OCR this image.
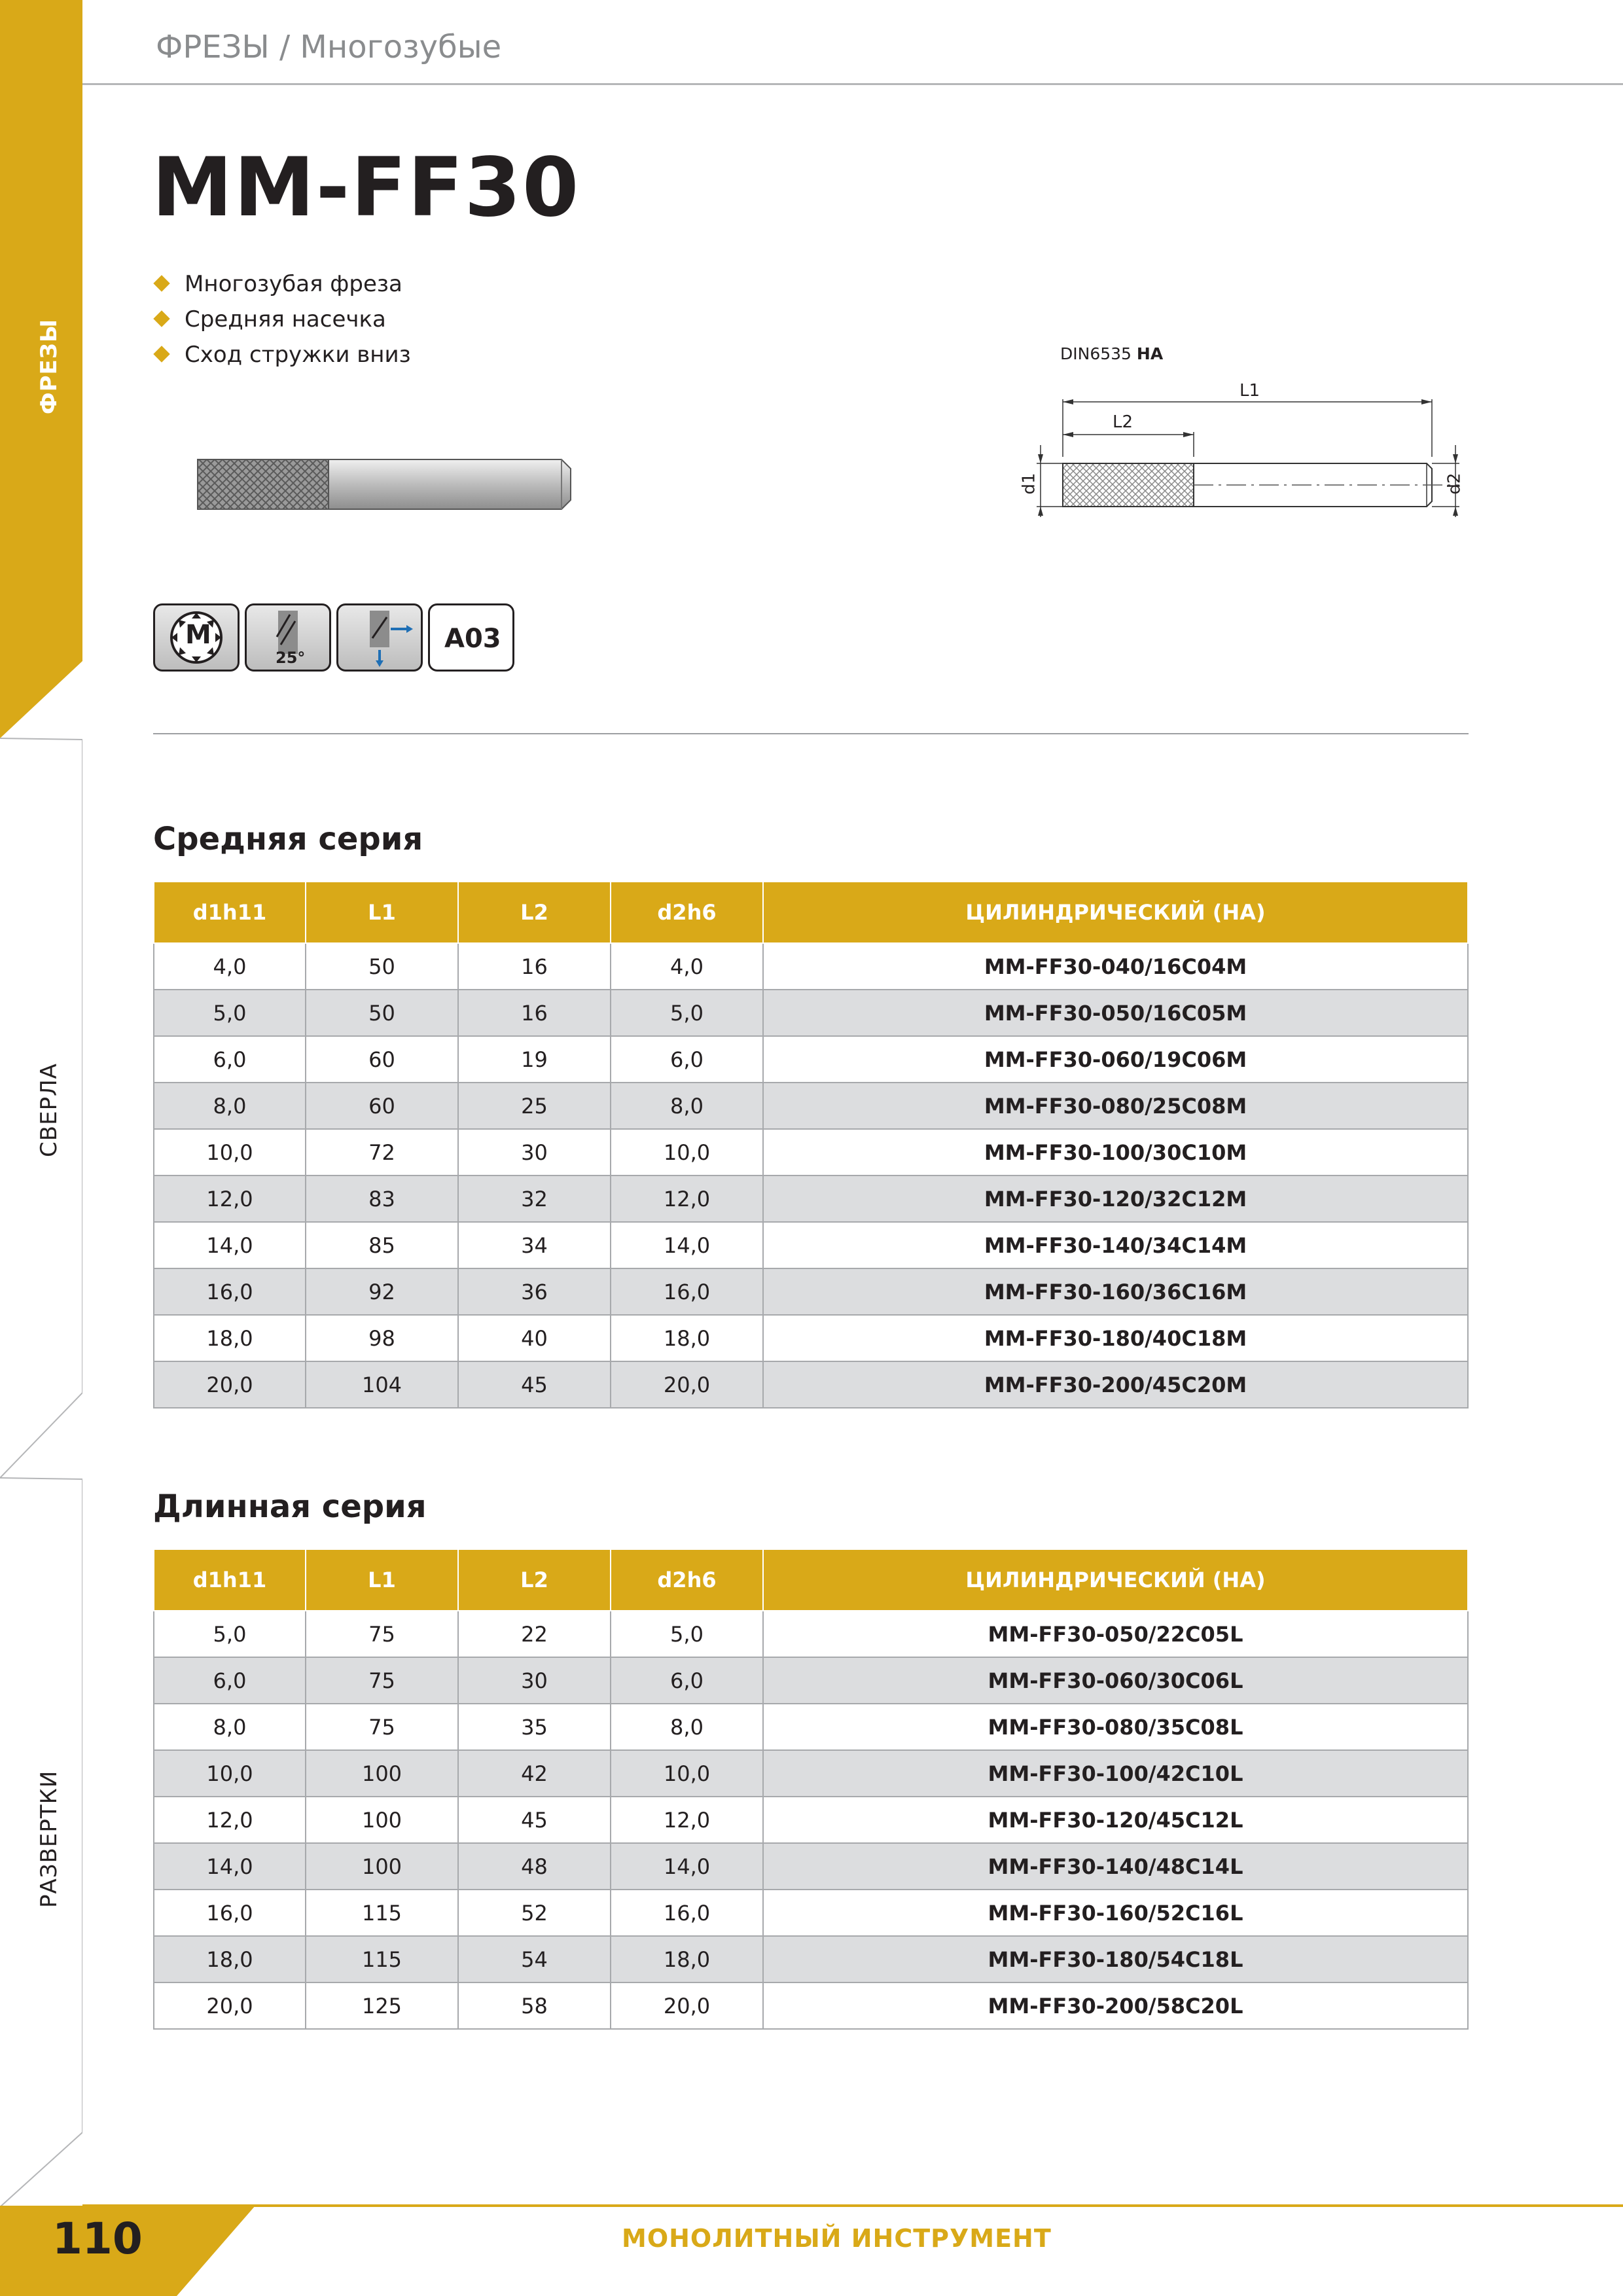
ФРЕЗЫ
СВЕРЛА
РАЗВЕРТКИ
ФРЕЗЫ / Многозубые
MM-FF30
Многозубая фреза
Средняя насечка
Сход стружки вниз	DIN6535 HA
L1
L2
d1	d2
M
25°
A03
Средняя серия
d1h11	L1	L2	d2h6	ЦИЛИНДРИЧЕСКИЙ (HA)
4,0	50	16	4,0	MM-FF30-040/16C04M
5,0	50	16	5,0	MM-FF30-050/16C05M
6,0	60	19	6,0	MM-FF30-060/19C06M
8,0	60	25	8,0	MM-FF30-080/25C08M
10,0	72	30	10,0	MM-FF30-100/30C10M
12,0	83	32	12,0	MM-FF30-120/32C12M
14,0	85	34	14,0	MM-FF30-140/34C14M
16,0	92	36	16,0	MM-FF30-160/36C16M
18,0	98	40	18,0	MM-FF30-180/40C18M
20,0	104	45	20,0	MM-FF30-200/45C20M
Длинная серия
d1h11	L1	L2	d2h6	ЦИЛИНДРИЧЕСКИЙ (HA)
5,0	75	22	5,0	MM-FF30-050/22C05L
6,0	75	30	6,0	MM-FF30-060/30C06L
8,0	75	35	8,0	MM-FF30-080/35C08L
10,0	100	42	10,0	MM-FF30-100/42C10L
12,0	100	45	12,0	MM-FF30-120/45C12L
14,0	100	48	14,0	MM-FF30-140/48C14L
16,0	115	52	16,0	MM-FF30-160/52C16L
18,0	115	54	18,0	MM-FF30-180/54C18L
20,0	125	58	20,0	MM-FF30-200/58C20L
110	МОНОЛИТНЫЙ ИНСТРУМЕНТ
